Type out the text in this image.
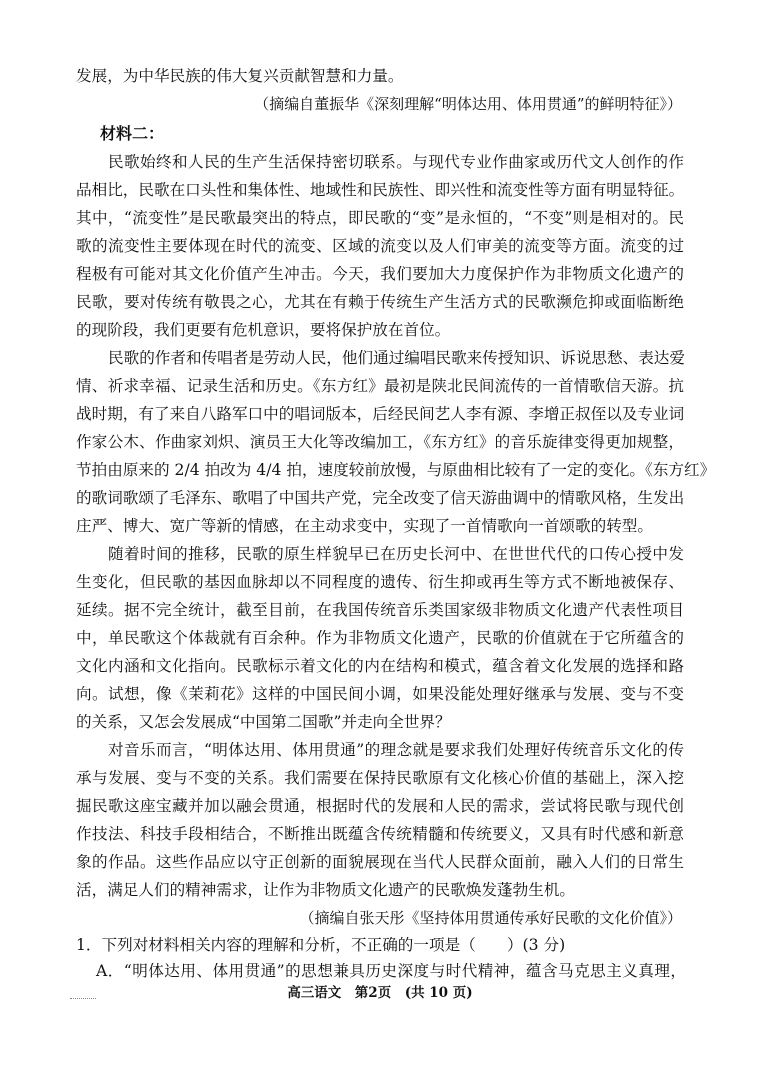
发展，为中华民族的伟大复兴贡献智慧和力量。
（摘编自董振华《深刻理解“明体达用、体用贯通”的鲜明特征》）
材料二：
民歌始终和人民的生产生活保持密切联系。与现代专业作曲家或历代文人创作的作
品相比，民歌在口头性和集体性、地域性和民族性、即兴性和流变性等方面有明显特征。
其中，“流变性”是民歌最突出的特点，即民歌的“变”是永恒的，“不变”则是相对的。民
歌的流变性主要体现在时代的流变、区域的流变以及人们审美的流变等方面。流变的过
程极有可能对其文化价值产生冲击。今天，我们要加大力度保护作为非物质文化遗产的
民歌，要对传统有敬畏之心，尤其在有赖于传统生产生活方式的民歌濒危抑或面临断绝
的现阶段，我们更要有危机意识，要将保护放在首位。
民歌的作者和传唱者是劳动人民，他们通过编唱民歌来传授知识、诉说思愁、表达爱
情、祈求幸福、记录生活和历史。《东方红》最初是陕北民间流传的一首情歌信天游。抗
战时期，有了来自八路军口中的唱词版本，后经民间艺人李有源、李增正叔侄以及专业词
作家公木、作曲家刘炽、演员王大化等改编加工，《东方红》的音乐旋律变得更加规整，
节拍由原来的 2/4 拍改为 4/4 拍，速度较前放慢，与原曲相比较有了一定的变化。《东方红》
的歌词歌颂了毛泽东、歌唱了中国共产党，完全改变了信天游曲调中的情歌风格，生发出
庄严、博大、宽广等新的情感，在主动求变中，实现了一首情歌向一首颂歌的转型。
随着时间的推移，民歌的原生样貌早已在历史长河中、在世世代代的口传心授中发
生变化，但民歌的基因血脉却以不同程度的遗传、衍生抑或再生等方式不断地被保存、
延续。据不完全统计，截至目前，在我国传统音乐类国家级非物质文化遗产代表性项目
中，单民歌这个体裁就有百余种。作为非物质文化遗产，民歌的价值就在于它所蕴含的
文化内涵和文化指向。民歌标示着文化的内在结构和模式，蕴含着文化发展的选择和路
向。试想，像《茉莉花》这样的中国民间小调，如果没能处理好继承与发展、变与不变
的关系，又怎会发展成“中国第二国歌”并走向全世界？
对音乐而言，“明体达用、体用贯通”的理念就是要求我们处理好传统音乐文化的传
承与发展、变与不变的关系。我们需要在保持民歌原有文化核心价值的基础上，深入挖
掘民歌这座宝藏并加以融会贯通，根据时代的发展和人民的需求，尝试将民歌与现代创
作技法、科技手段相结合，不断推出既蕴含传统精髓和传统要义，又具有时代感和新意
象的作品。这些作品应以守正创新的面貌展现在当代人民群众面前，融入人们的日常生
活，满足人们的精神需求，让作为非物质文化遗产的民歌焕发蓬勃生机。
（摘编自张天彤《坚持体用贯通传承好民歌的文化价值》）
1．下列对材料相关内容的理解和分析，不正确的一项是（　　）(3 分)
A．“明体达用、体用贯通”的思想兼具历史深度与时代精神，蕴含马克思主义真理，
高三语文　第2页　(共 10 页)
